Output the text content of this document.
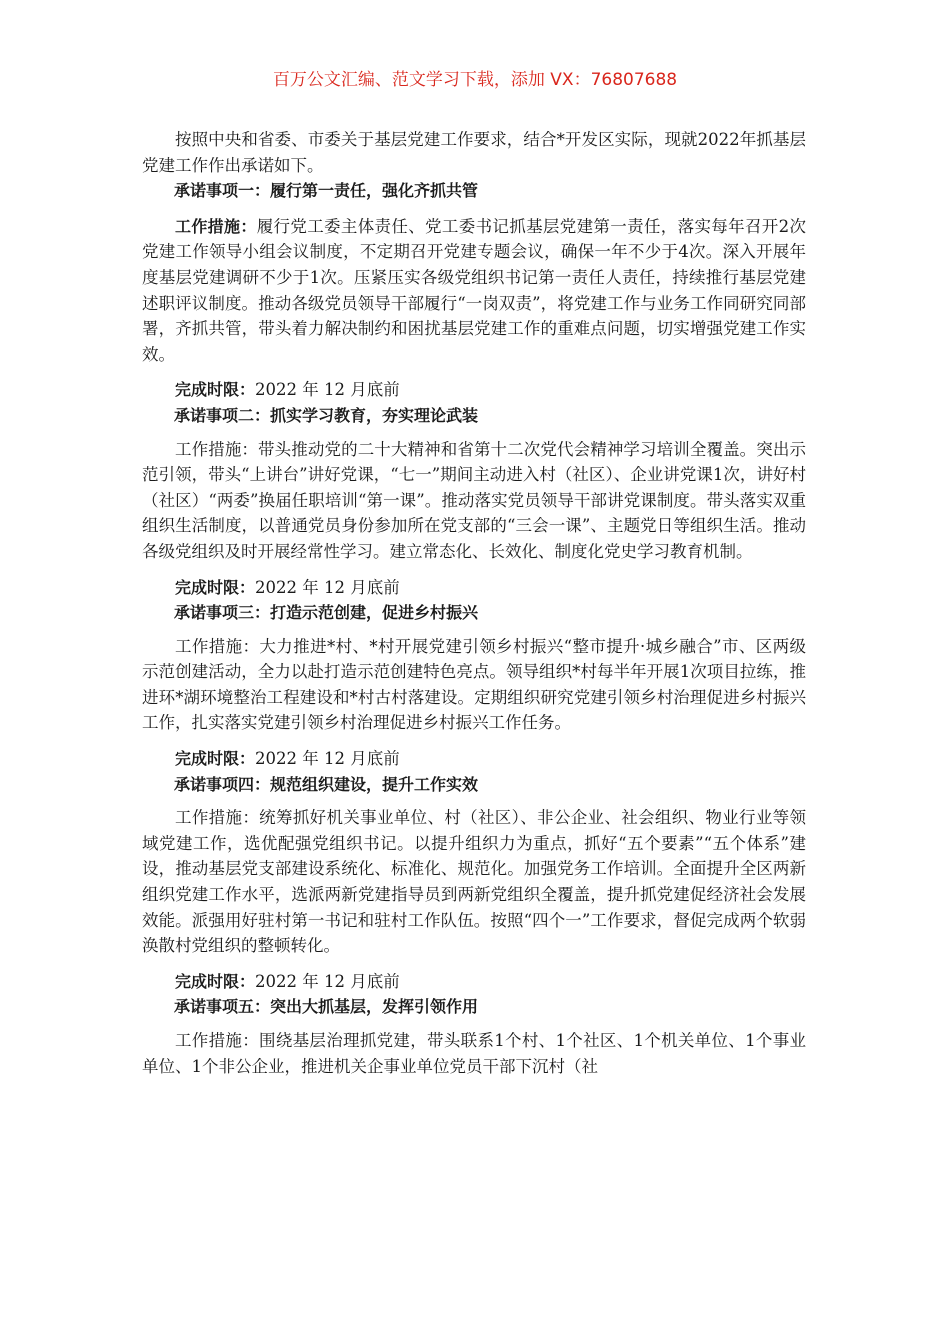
百万公文汇编、范文学习下载，添加 VX：76807688

按照中央和省委、市委关于基层党建工作要求，结合*开发区实际，现就2022年抓基层党建工作作出承诺如下。

承诺事项一：履行第一责任，强化齐抓共管

工作措施：履行党工委主体责任、党工委书记抓基层党建第一责任，落实每年召开2次党建工作领导小组会议制度，不定期召开党建专题会议，确保一年不少于4次。深入开展年度基层党建调研不少于1次。压紧压实各级党组织书记第一责任人责任，持续推行基层党建述职评议制度。推动各级党员领导干部履行“一岗双责”，将党建工作与业务工作同研究同部署，齐抓共管，带头着力解决制约和困扰基层党建工作的重难点问题，切实增强党建工作实效。

完成时限：2022 年 12 月底前

承诺事项二：抓实学习教育，夯实理论武装

工作措施：带头推动党的二十大精神和省第十二次党代会精神学习培训全覆盖。突出示范引领，带头“上讲台”讲好党课，“七一”期间主动进入村（社区）、企业讲党课1次，讲好村（社区）“两委”换届任职培训“第一课”。推动落实党员领导干部讲党课制度。带头落实双重组织生活制度，以普通党员身份参加所在党支部的“三会一课”、主题党日等组织生活。推动各级党组织及时开展经常性学习。建立常态化、长效化、制度化党史学习教育机制。

完成时限：2022 年 12 月底前

承诺事项三：打造示范创建，促进乡村振兴

工作措施：大力推进*村、*村开展党建引领乡村振兴“整市提升·城乡融合”市、区两级示范创建活动，全力以赴打造示范创建特色亮点。领导组织*村每半年开展1次项目拉练，推进环*湖环境整治工程建设和*村古村落建设。定期组织研究党建引领乡村治理促进乡村振兴工作，扎实落实党建引领乡村治理促进乡村振兴工作任务。

完成时限：2022 年 12 月底前

承诺事项四：规范组织建设，提升工作实效

工作措施：统筹抓好机关事业单位、村（社区）、非公企业、社会组织、物业行业等领域党建工作，选优配强党组织书记。以提升组织力为重点，抓好“五个要素”“五个体系”建设，推动基层党支部建设系统化、标准化、规范化。加强党务工作培训。全面提升全区两新组织党建工作水平，选派两新党建指导员到两新党组织全覆盖，提升抓党建促经济社会发展效能。派强用好驻村第一书记和驻村工作队伍。按照“四个一”工作要求，督促完成两个软弱涣散村党组织的整顿转化。

完成时限：2022 年 12 月底前

承诺事项五：突出大抓基层，发挥引领作用

工作措施：围绕基层治理抓党建，带头联系1个村、1个社区、1个机关单位、1个事业单位、1个非公企业，推进机关企事业单位党员干部下沉村（社
